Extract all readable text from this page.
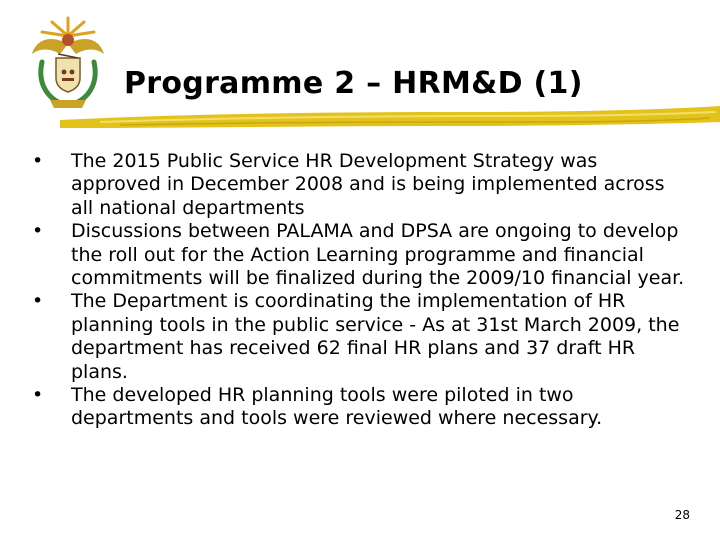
Programme 2 – HRM&D (1)
• The 2015 Public Service HR Development Strategy was approved in December 2008 and is being implemented across all national departments
• Discussions between PALAMA and DPSA are ongoing to develop the roll out for the Action Learning programme and financial commitments will be finalized during the 2009/10 financial year.
• The Department is coordinating the implementation of HR planning tools in the public service - As at 31st March 2009, the department has received 62 final HR plans and 37 draft HR plans.
• The developed HR planning tools were piloted in two departments and tools were reviewed where necessary.
28
